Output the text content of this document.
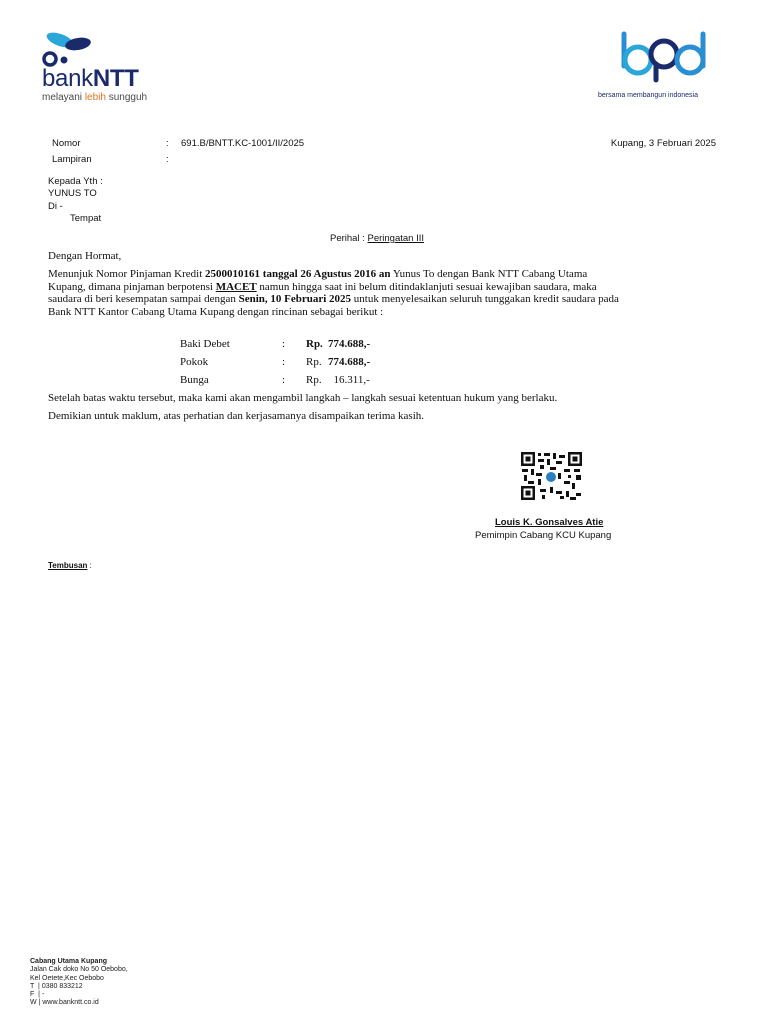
bankNTT
melayani lebih sungguh	bersama membangun indonesia
Nomor	: 691.B/BNTT.KC-1001/II/2025	Kupang, 3 Februari 2025
Lampiran	:
Kepada Yth :
YUNUS TO
Di -
Tempat
Perihal : Peringatan III
Dengan Hormat,
Menunjuk Nomor Pinjaman Kredit 2500010161 tanggal 26 Agustus 2016 an Yunus To dengan Bank NTT Cabang Utama
Kupang, dimana pinjaman berpotensi MACET namun hingga saat ini belum ditindaklanjuti sesuai kewajiban saudara, maka
saudara di beri kesempatan sampai dengan Senin, 10 Februari 2025 untuk menyelesaikan seluruh tunggakan kredit saudara pada
Bank NTT Kantor Cabang Utama Kupang dengan rincinan sebagai berikut :
Baki Debet	: Rp. 774.688,-
Pokok	: Rp. 774.688,-
Bunga	: Rp. 16.311,-
Setelah batas waktu tersebut, maka kami akan mengambil langkah – langkah sesuai ketentuan hukum yang berlaku.
Demikian untuk maklum, atas perhatian dan kerjasamanya disampaikan terima kasih.
Louis K. Gonsalves Atie
Pemimpin Cabang KCU Kupang
Tembusan :
Cabang Utama Kupang
Jalan Cak doko No 50 Oebobo,
Kel Oetete,Kec Oebobo
T  | 0380 833212
F  | -
W | www.bankntt.co.id
